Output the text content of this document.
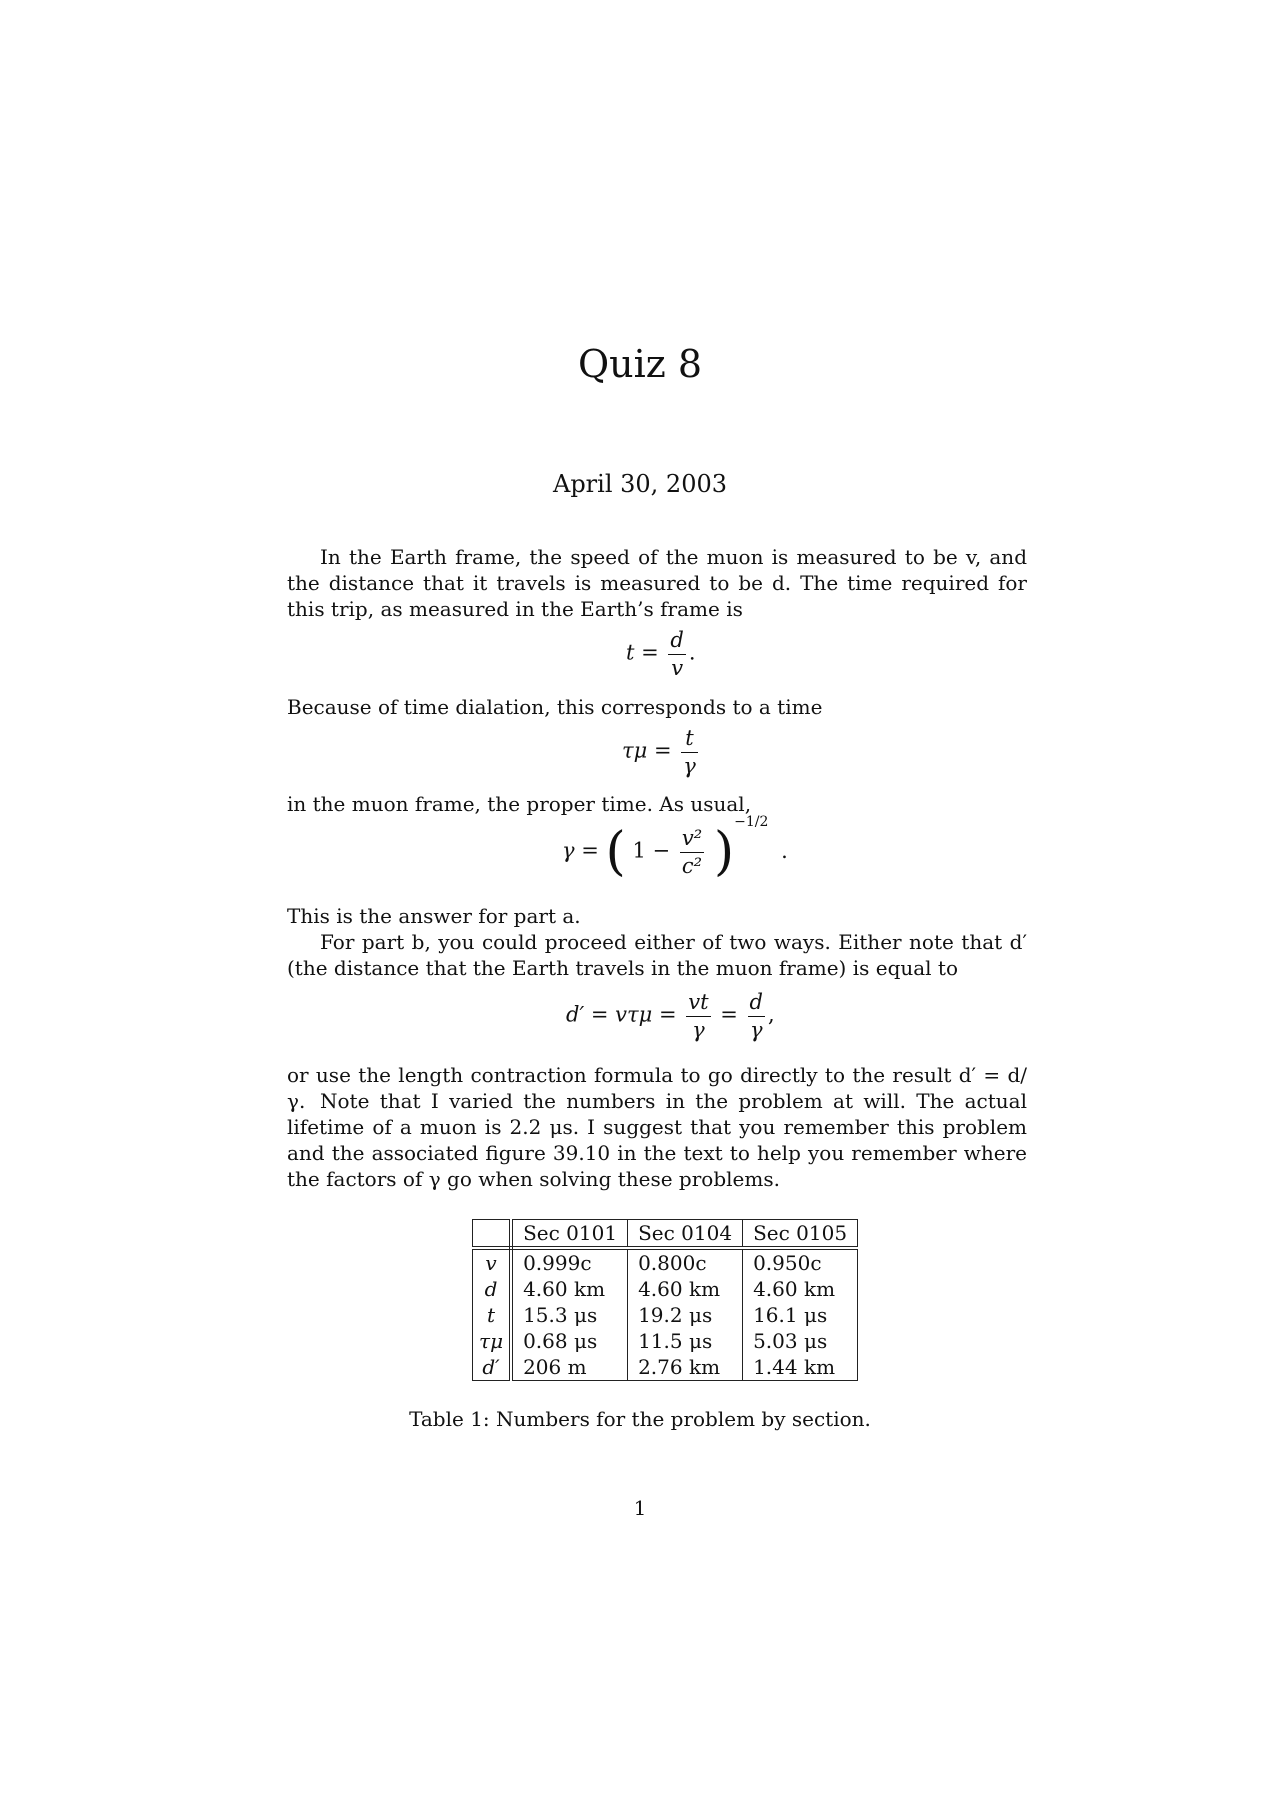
Quiz 8
April 30, 2003

In the Earth frame, the speed of the muon is measured to be v, and the distance that it travels is measured to be d. The time required for this trip, as measured in the Earth’s frame is

$t = \frac{d}{v}$ .

Because of time dialation, this corresponds to a time

$\tau\mu = \frac{t}{\gamma}$

in the muon frame, the proper time. As usual,

γ = ( $1 - \frac{\text{v²}}{\text{c²}} )^{-1/2}$ .

This is the answer for part a.

For part b, you could proceed either of two ways. Either note that d′ (the distance that the Earth travels in the muon frame) is equal to

$d' = v\tau\mu = \frac{vt}{\gamma} = \frac{d}{\gamma}$ ,

or use the length contraction formula to go directly to the result d′ = d/γ. Note that I varied the numbers in the problem at will. The actual lifetime of a muon is 2.2 μs. I suggest that you remember this problem and the associated figure 39.10 in the text to help you remember where the factors of γ go when solving these problems.

	Sec 0101	Sec 0104	Sec 0105
v	0.999c	0.800c	0.950c
d	4.60 km	4.60 km	4.60 km
t	15.3 μs	19.2 μs	16.1 μs
τμ	0.68 μs	11.5 μs	5.03 μs
d′	206 m	2.76 km	1.44 km
Table 1: Numbers for the problem by section.
1
